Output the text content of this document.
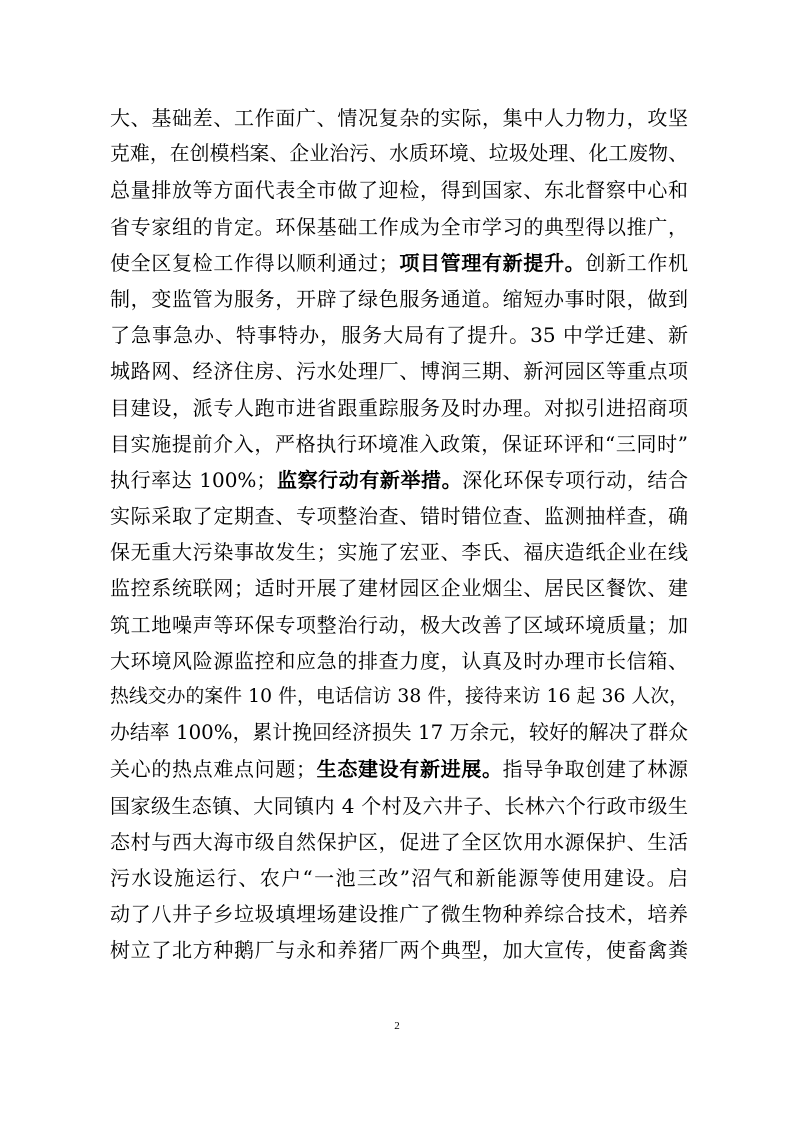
大、基础差、工作面广、情况复杂的实际，集中人力物力，攻坚
克难，在创模档案、企业治污、水质环境、垃圾处理、化工废物、
总量排放等方面代表全市做了迎检，得到国家、东北督察中心和
省专家组的肯定。环保基础工作成为全市学习的典型得以推广，
使全区复检工作得以顺利通过；项目管理有新提升。创新工作机
制，变监管为服务，开辟了绿色服务通道。缩短办事时限，做到
了急事急办、特事特办，服务大局有了提升。35 中学迁建、新
城路网、经济住房、污水处理厂、博润三期、新河园区等重点项
目建设，派专人跑市进省跟重踪服务及时办理。对拟引进招商项
目实施提前介入，严格执行环境准入政策，保证环评和“三同时”
执行率达 100%；监察行动有新举措。深化环保专项行动，结合
实际采取了定期查、专项整治查、错时错位查、监测抽样查，确
保无重大污染事故发生；实施了宏亚、李氏、福庆造纸企业在线
监控系统联网；适时开展了建材园区企业烟尘、居民区餐饮、建
筑工地噪声等环保专项整治行动，极大改善了区域环境质量；加
大环境风险源监控和应急的排查力度，认真及时办理市长信箱、
热线交办的案件 10 件，电话信访 38 件，接待来访 16 起 36 人次，
办结率 100%，累计挽回经济损失 17 万余元，较好的解决了群众
关心的热点难点问题；生态建设有新进展。指导争取创建了林源
国家级生态镇、大同镇内 4 个村及六井子、长林六个行政市级生
态村与西大海市级自然保护区，促进了全区饮用水源保护、生活
污水设施运行、农户“一池三改”沼气和新能源等使用建设。启
动了八井子乡垃圾填埋场建设推广了微生物种养综合技术，培养
树立了北方种鹅厂与永和养猪厂两个典型，加大宣传，使畜禽粪
2
